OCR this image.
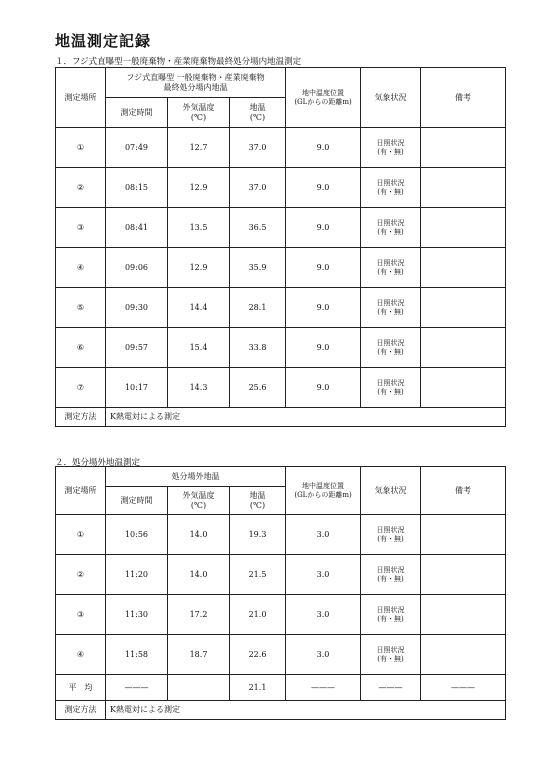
地温測定記録
１．フジ式直曝型一般廃棄物・産業廃棄物最終処分場内地温測定
測定場所	フジ式直曝型 一般廃棄物・産業廃棄物
最終処分場内地温			地中温度位置
(GLからの距離m)	気象状況	備考
	測定時間	外気温度
(℃)	地温
(℃)			
①	07:49	12.7	37.0	9.0	日照状況
(有・無)	

②	08:15	12.9	37.0	9.0	日照状況
(有・無)	

③	08:41	13.5	36.5	9.0	日照状況
(有・無)	

④	09:06	12.9	35.9	9.0	日照状況
(有・無)	

⑤	09:30	14.4	28.1	9.0	日照状況
(有・無)	

⑥	09:57	15.4	33.8	9.0	日照状況
(有・無)	

⑦	10:17	14.3	25.6	9.0	日照状況
(有・無)	

測定方法	K熱電対による測定					
２．処分場外地温測定
測定場所	処分場外地温			地中温度位置
(GLからの距離m)	気象状況	備考
	測定時間	外気温度
(℃)	地温
(℃)			
①	10:56	14.0	19.3	3.0	日照状況
(有・無)	

②	11:20	14.0	21.5	3.0	日照状況
(有・無)	

③	11:30	17.2	21.0	3.0	日照状況
(有・無)	

④	11:58	18.7	22.6	3.0	日照状況
(有・無)	

平　均	———		21.1	———	———	———
測定方法	K熱電対による測定					
